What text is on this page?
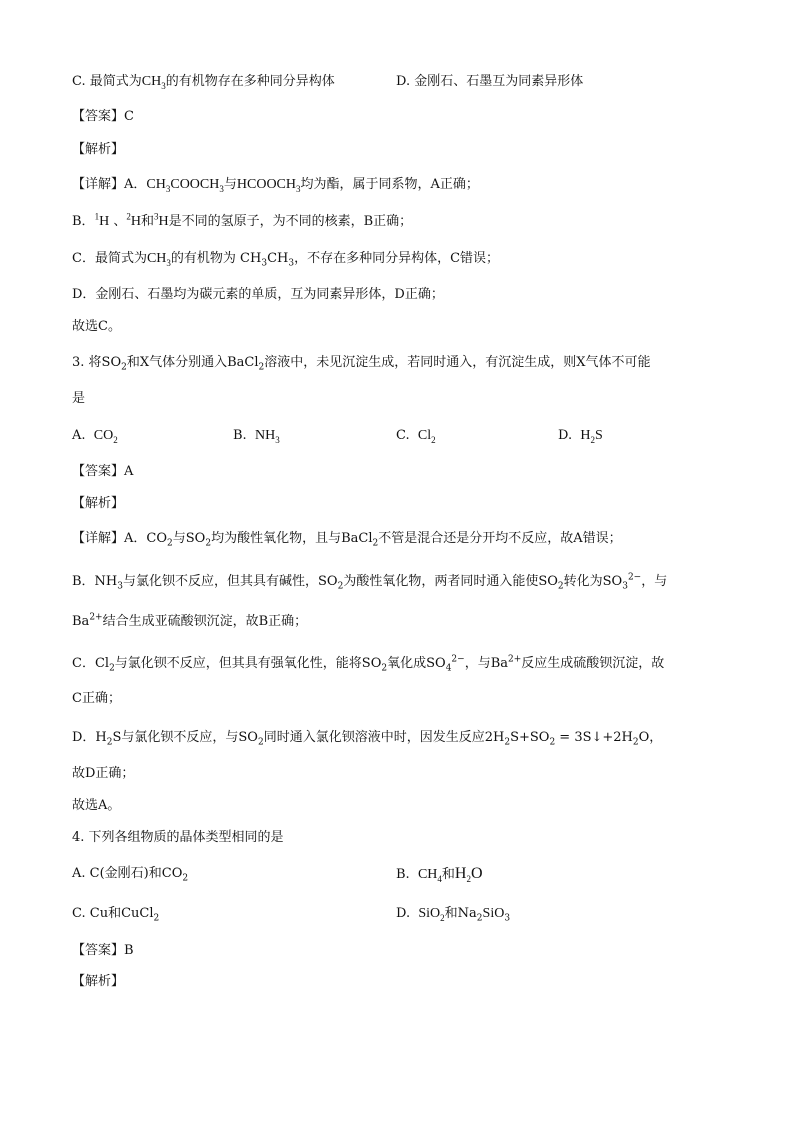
C. 最简式为$CH_3$的有机物存在多种同分异构体	D. 金刚石、石墨互为同素异形体
【答案】C
【解析】
【详解】A．$CH_3COOCH_3$与$HCOOCH_3$均为酯，属于同系物，A正确；
B．$^1$H 、$^2$H和$^3$H是不同的氢原子，为不同的核素，B正确；
C．最简式为$CH_3$的有机物为 $CH_3CH_3$，不存在多种同分异构体，C错误；
D．金刚石、石墨均为碳元素的单质，互为同素异形体，D正确；
故选C。
3. 将$SO_2$和X气体分别通入BaCl$_2$溶液中，未见沉淀生成，若同时通入，有沉淀生成，则X气体不可能
是
A. $CO_2$	B. $NH_3$	C. $Cl_2$	D. $H_2S$
【答案】A
【解析】
【详解】A．$CO_2$与$SO_2$均为酸性氧化物，且与BaCl$_2$不管是混合还是分开均不反应，故A错误；
B．$NH_3$与氯化钡不反应，但其具有碱性，$SO_2$为酸性氧化物，两者同时通入能使$SO_2$转化为$SO_3^{2-}$，与
$Ba^{2+}$结合生成亚硫酸钡沉淀，故B正确；
C．$Cl_2$与氯化钡不反应，但其具有强氧化性，能将$SO_2$氧化成$SO_4^{2-}$，与$Ba^{2+}$反应生成硫酸钡沉淀，故
C正确；
D．$H_2S$与氯化钡不反应，与$SO_2$同时通入氯化钡溶液中时，因发生反应$2H_2S+SO_2$ = $3S↓+2H_2O$，
故D正确；
故选A。
4. 下列各组物质的晶体类型相同的是
A. C(金刚石)和$CO_2$	B. $CH_4$和$H_2O$
C. Cu和CuCl$_2$	D. SiO$_2$和$Na_2SiO_3$
【答案】B
【解析】
